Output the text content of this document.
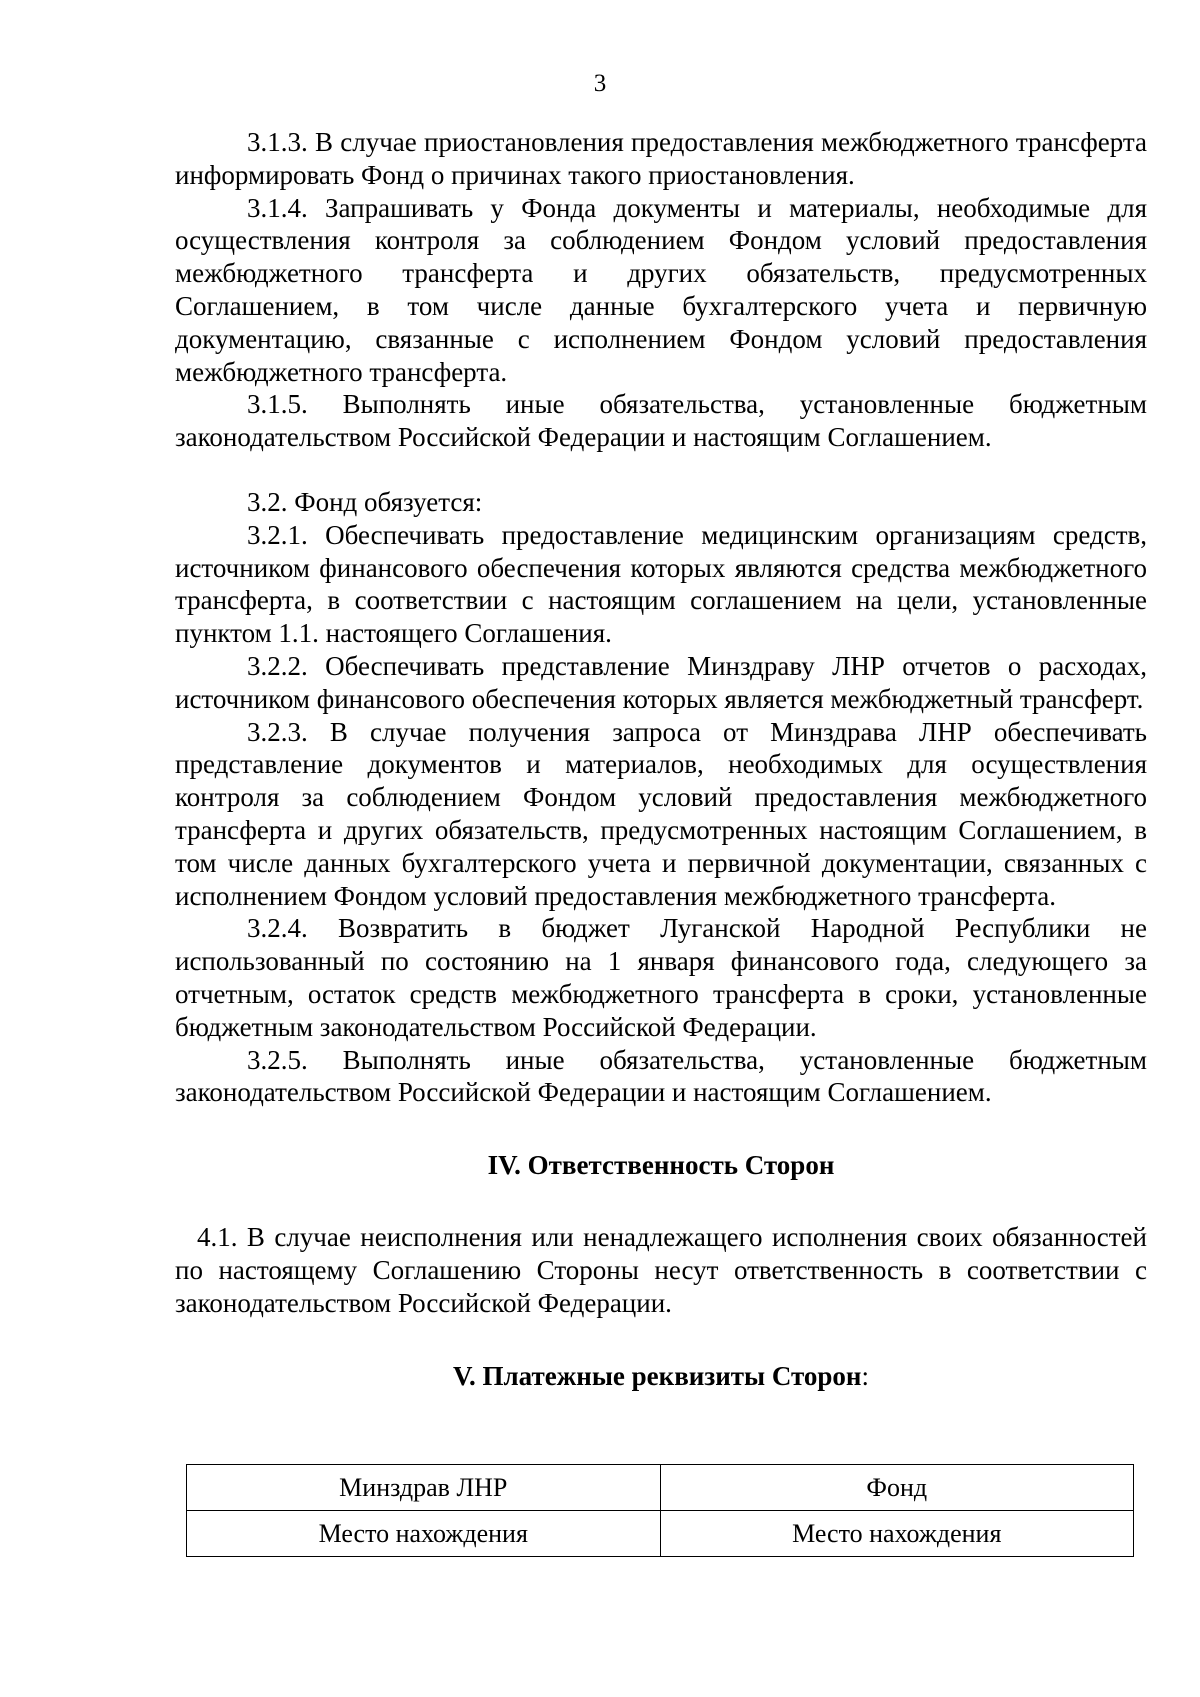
3

3.1.3. В случае приостановления предоставления межбюджетного трансферта информировать Фонд о причинах такого приостановления.

3.1.4. Запрашивать у Фонда документы и материалы, необходимые для осуществления контроля за соблюдением Фондом условий предоставления межбюджетного трансферта и других обязательств, предусмотренных Соглашением, в том числе данные бухгалтерского учета и первичную документацию, связанные с исполнением Фондом условий предоставления межбюджетного трансферта.

3.1.5. Выполнять иные обязательства, установленные бюджетным законодательством Российской Федерации и настоящим Соглашением.

3.2. Фонд обязуется:

3.2.1. Обеспечивать предоставление медицинским организациям средств, источником финансового обеспечения которых являются средства межбюджетного трансферта, в соответствии с настоящим соглашением на цели, установленные пунктом 1.1. настоящего Соглашения.

3.2.2. Обеспечивать представление Минздраву ЛНР отчетов о расходах, источником финансового обеспечения которых является межбюджетный трансферт.

3.2.3. В случае получения запроса от Минздрава ЛНР обеспечивать представление документов и материалов, необходимых для осуществления контроля за соблюдением Фондом условий предоставления межбюджетного трансферта и других обязательств, предусмотренных настоящим Соглашением, в том числе данных бухгалтерского учета и первичной документации, связанных с исполнением Фондом условий предоставления межбюджетного трансферта.

3.2.4. Возвратить в бюджет Луганской Народной Республики не использованный по состоянию на 1 января финансового года, следующего за отчетным, остаток средств межбюджетного трансферта в сроки, установленные бюджетным законодательством Российской Федерации.

3.2.5. Выполнять иные обязательства, установленные бюджетным законодательством Российской Федерации и настоящим Соглашением.

IV. Ответственность Сторон

4.1. В случае неисполнения или ненадлежащего исполнения своих обязанностей по настоящему Соглашению Стороны несут ответственность в соответствии с законодательством Российской Федерации.

V. Платежные реквизиты Сторон:
Минздрав ЛНР	Фонд
Место нахождения	Место нахождения
